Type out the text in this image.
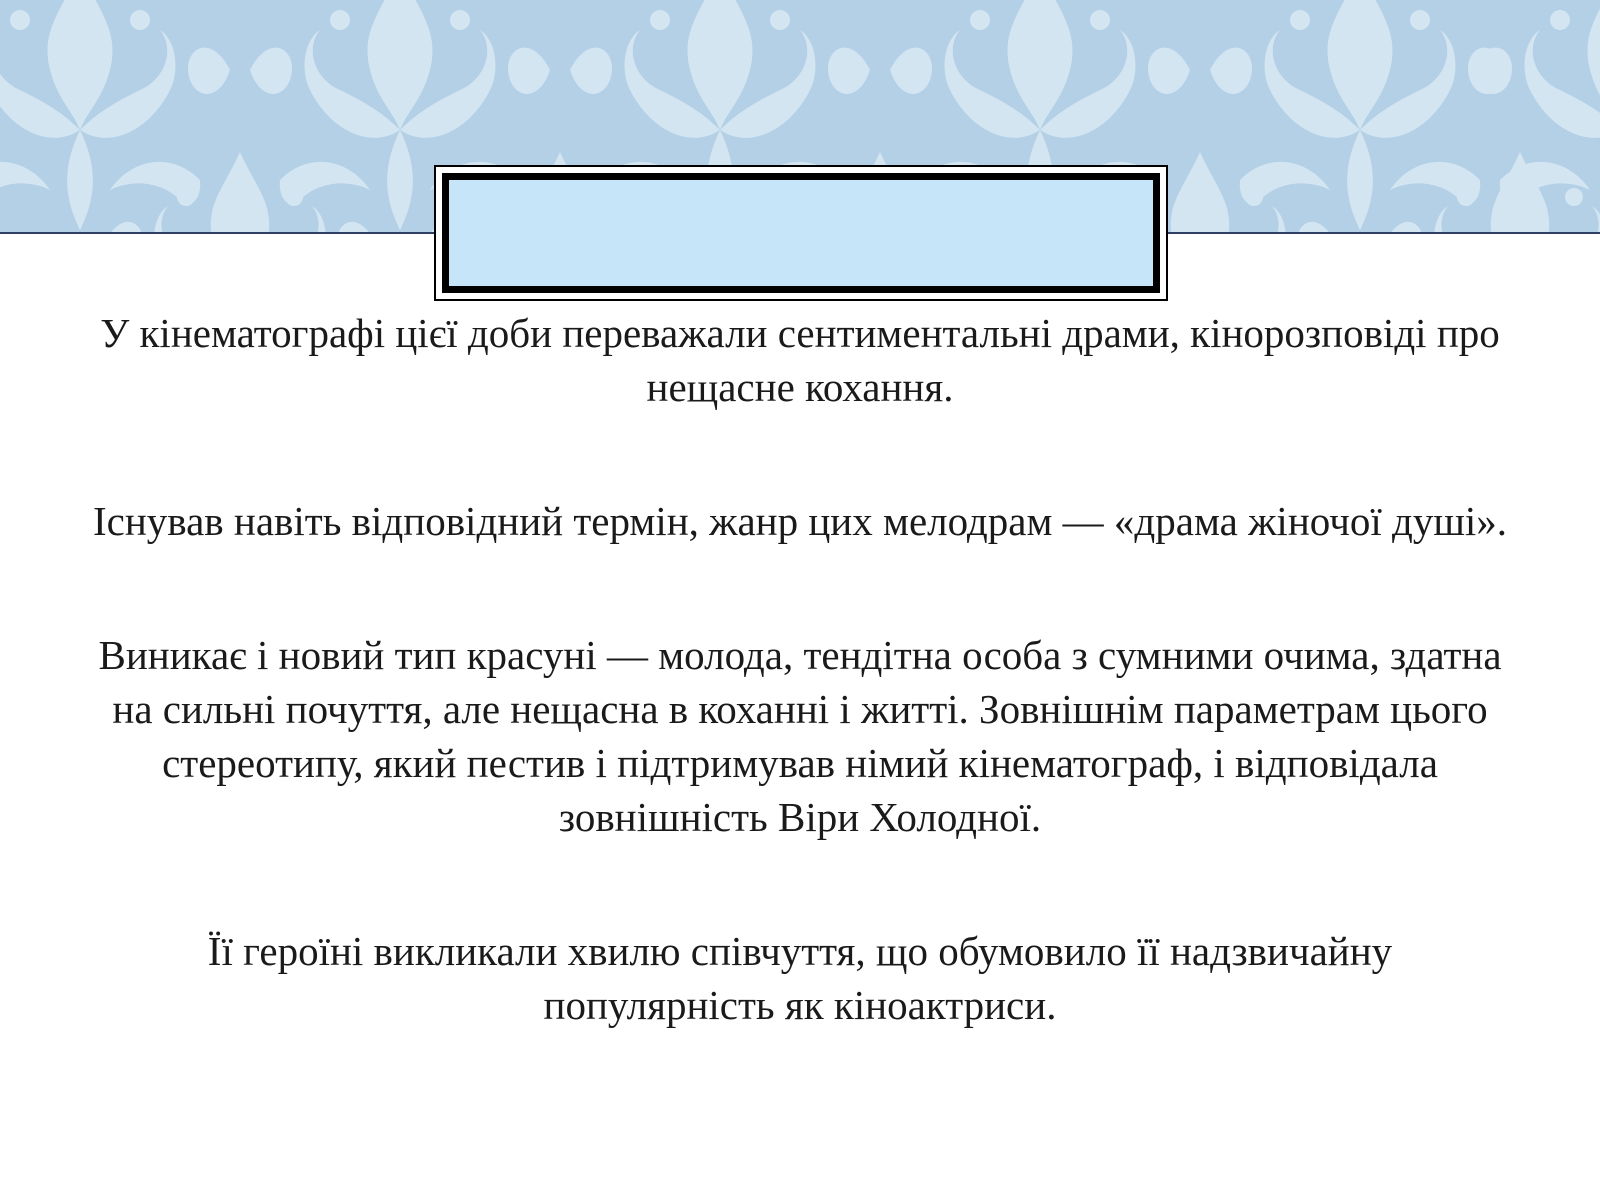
У кінематографі цієї доби переважали сентиментальні драми, кінорозповіді про нещасне кохання.

Існував навіть відповідний термін, жанр цих мелодрам — «драма жіночої душі».

Виникає і новий тип красуні — молода, тендітна особа з сумними очима, здатна на сильні почуття, але нещасна в коханні і житті. Зовнішнім параметрам цього стереотипу, який пестив і підтримував німий кінематограф, і відповідала зовнішність Віри Холодної.

Її героїні викликали хвилю співчуття, що обумовило її надзвичайну популярність як кіноактриси.
